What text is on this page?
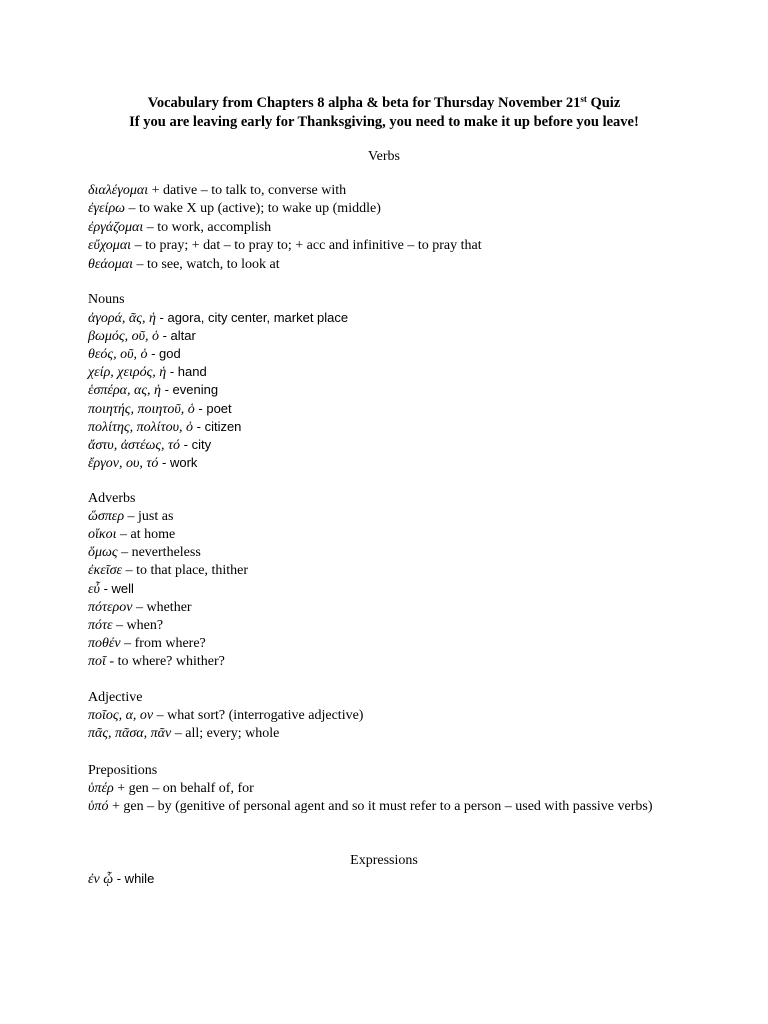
Vocabulary from Chapters 8 alpha & beta for Thursday November 21st Quiz
If you are leaving early for Thanksgiving, you need to make it up before you leave!
Verbs
διαλέγομαι + dative – to talk to, converse with
ἐγείρω – to wake X up (active); to wake up (middle)
ἐργάζομαι – to work, accomplish
εὔχομαι – to pray; + dat – to pray to; + acc and infinitive – to pray that
θεάομαι – to see, watch, to look at
Nouns
ἀγορά, ᾶς, ἡ - agora, city center, market place
βωμός, οῦ, ὁ - altar
θεός, οῦ, ὁ - god
χείρ, χειρός, ἡ - hand
ἑσπέρα, ας, ἡ - evening
ποιητής, ποιητοῦ, ὁ - poet
πολίτης, πολίτου, ὁ - citizen
ἄστυ, ἀστέως, τό - city
ἔργον, ου, τό - work
Adverbs
ὥσπερ – just as
οἴκοι – at home
ὅμως – nevertheless
ἐκεῖσε – to that place, thither
εὖ - well
πότερον – whether
πότε – when?
ποθέν – from where?
ποῖ - to where? whither?
Adjective
ποῖος, α, ον – what sort? (interrogative adjective)
πᾶς, πᾶσα, πᾶν – all; every; whole
Prepositions
ὑπέρ + gen – on behalf of, for
ὑπό + gen – by (genitive of personal agent and so it must refer to a person – used with passive verbs)
Expressions
ἐν ᾧ - while
